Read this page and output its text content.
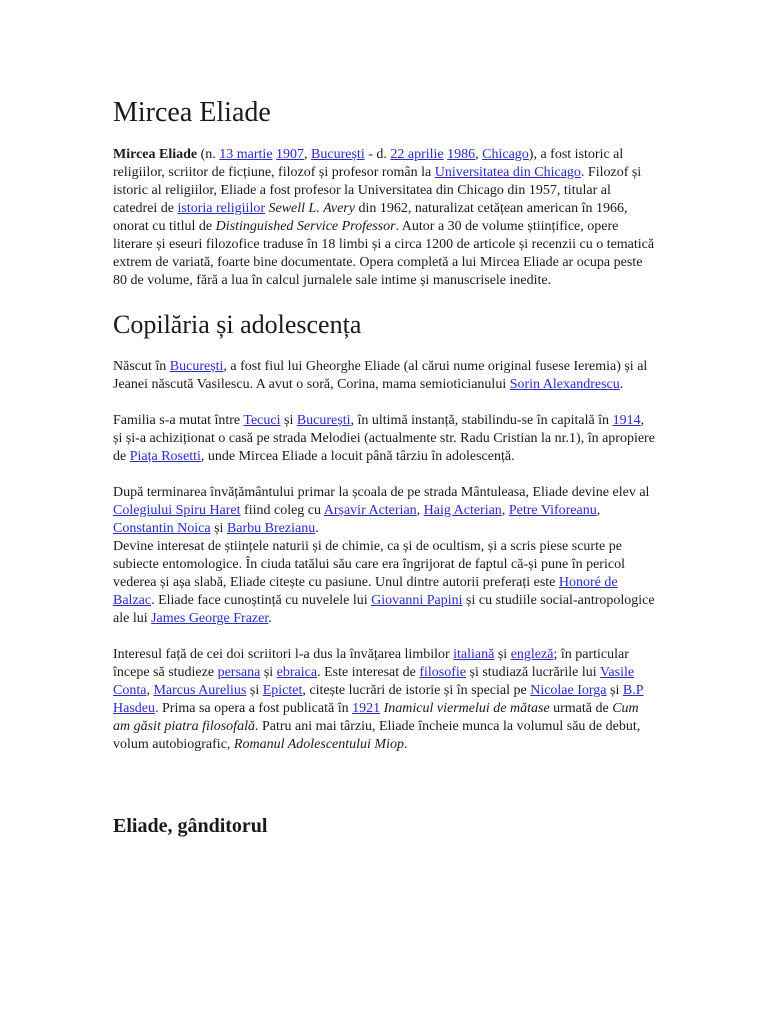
Mircea Eliade

Mircea Eliade (n. 13 martie 1907, București - d. 22 aprilie 1986, Chicago), a fost istoric al religiilor, scriitor de ficțiune, filozof și profesor român la Universitatea din Chicago. Filozof și istoric al religiilor, Eliade a fost profesor la Universitatea din Chicago din 1957, titular al catedrei de istoria religiilor Sewell L. Avery din 1962, naturalizat cetățean american în 1966, onorat cu titlul de Distinguished Service Professor. Autor a 30 de volume științifice, opere literare și eseuri filozofice traduse în 18 limbi și a circa 1200 de articole și recenzii cu o tematică extrem de variată, foarte bine documentate. Opera completă a lui Mircea Eliade ar ocupa peste 80 de volume, fără a lua în calcul jurnalele sale intime și manuscrisele inedite.

Copilăria și adolescența

Născut în București, a fost fiul lui Gheorghe Eliade (al cărui nume original fusese Ieremia) și al Jeanei născută Vasilescu. A avut o soră, Corina, mama semioticianului Sorin Alexandrescu.

Familia s-a mutat între Tecuci și București, în ultimă instanță, stabilindu-se în capitală în 1914, și și-a achiziționat o casă pe strada Melodiei (actualmente str. Radu Cristian la nr.1), în apropiere de Piața Rosetti, unde Mircea Eliade a locuit până târziu în adolescență.

După terminarea învățământului primar la școala de pe strada Mântuleasa, Eliade devine elev al Colegiului Spiru Haret fiind coleg cu Arșavir Acterian, Haig Acterian, Petre Viforeanu, Constantin Noica și Barbu Brezianu.

Devine interesat de științele naturii și de chimie, ca și de ocultism, și a scris piese scurte pe subiecte entomologice. În ciuda tatălui său care era îngrijorat de faptul că-și pune în pericol vederea și așa slabă, Eliade citește cu pasiune. Unul dintre autorii preferați este Honoré de Balzac. Eliade face cunoștință cu nuvelele lui Giovanni Papini și cu studiile social-antropologice ale lui James George Frazer.

Interesul față de cei doi scriitori l-a dus la învățarea limbilor italiană și engleză; în particular începe să studieze persana și ebraica. Este interesat de filosofie și studiază lucrările lui Vasile Conta, Marcus Aurelius și Epictet, citește lucrări de istorie și în special pe Nicolae Iorga și B.P Hasdeu. Prima sa opera a fost publicată în 1921 Inamicul viermelui de mătase urmată de Cum am găsit piatra filosofală. Patru ani mai târziu, Eliade încheie munca la volumul său de debut, volum autobiografic, Romanul Adolescentului Miop.

Eliade, gânditorul
